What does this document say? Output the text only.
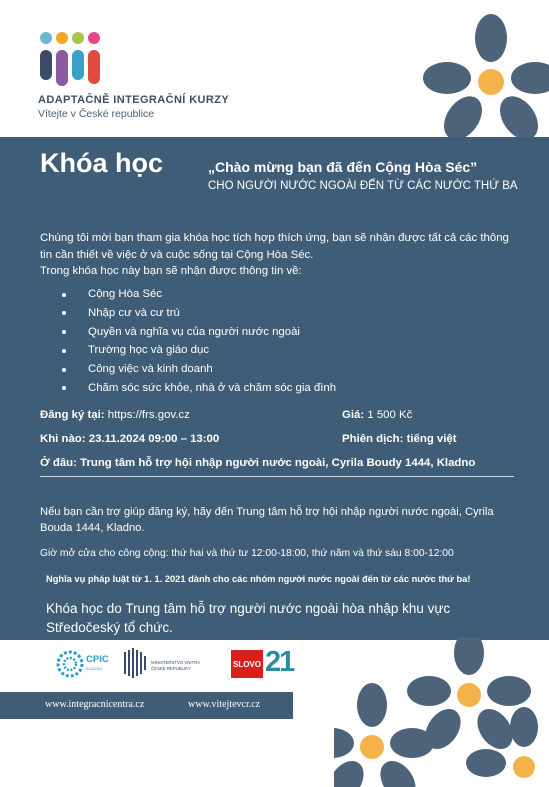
ADAPTAČNĚ INTEGRAČNÍ KURZY
Vítejte v České republice
Khóa học	„Chào mừng bạn đã đến Cộng Hòa Séc”
CHO NGƯỜI NƯỚC NGOÀI ĐẾN TỪ CÁC NƯỚC THỨ BA

Chúng tôi mời bạn tham gia khóa học tích hợp thích ứng, bạn sẽ nhận được tất cả các thông tin cần thiết về việc ở và cuộc sống tại Cộng Hòa Séc.

Trong khóa học này bạn sẽ nhận được thông tin về:

Cộng Hòa Séc
Nhập cư và cư trú
Quyền và nghĩa vụ của người nước ngoài
Trường học và giáo dục
Công việc và kinh doanh
Chăm sóc sức khỏe, nhà ở và chăm sóc gia đình
Đăng ký tại: https://frs.gov.cz	Giá: 1 500 Kč
Khi nào: 23.11.2024 09:00 – 13:00	Phiên dịch: tiếng việt
Ở đâu: Trung tâm hỗ trợ hội nhập người nước ngoài, Cyrila Boudy 1444, Kladno
Nếu bạn cần trợ giúp đăng ký, hãy đến Trung tâm hỗ trợ hội nhập người nước ngoài, Cyrila Bouda 1444, Kladno.
Giờ mở cửa cho công cộng: thứ hai và thứ tư 12:00-18:00, thứ năm và thứ sáu 8:00-12:00
Nghĩa vụ pháp luật từ 1. 1. 2021 dành cho các nhóm người nước ngoài đến từ các nước thứ ba!
Khóa học do Trung tâm hỗ trợ người nước ngoài hòa nhập khu vực Středočeský tổ chức.
CPIC
KLADNO
MINISTERSTVO VNITRA
ČESKÉ REPUBLIKY	SLOVO 21
www.integracnicentra.cz	www.vitejtevcr.cz
